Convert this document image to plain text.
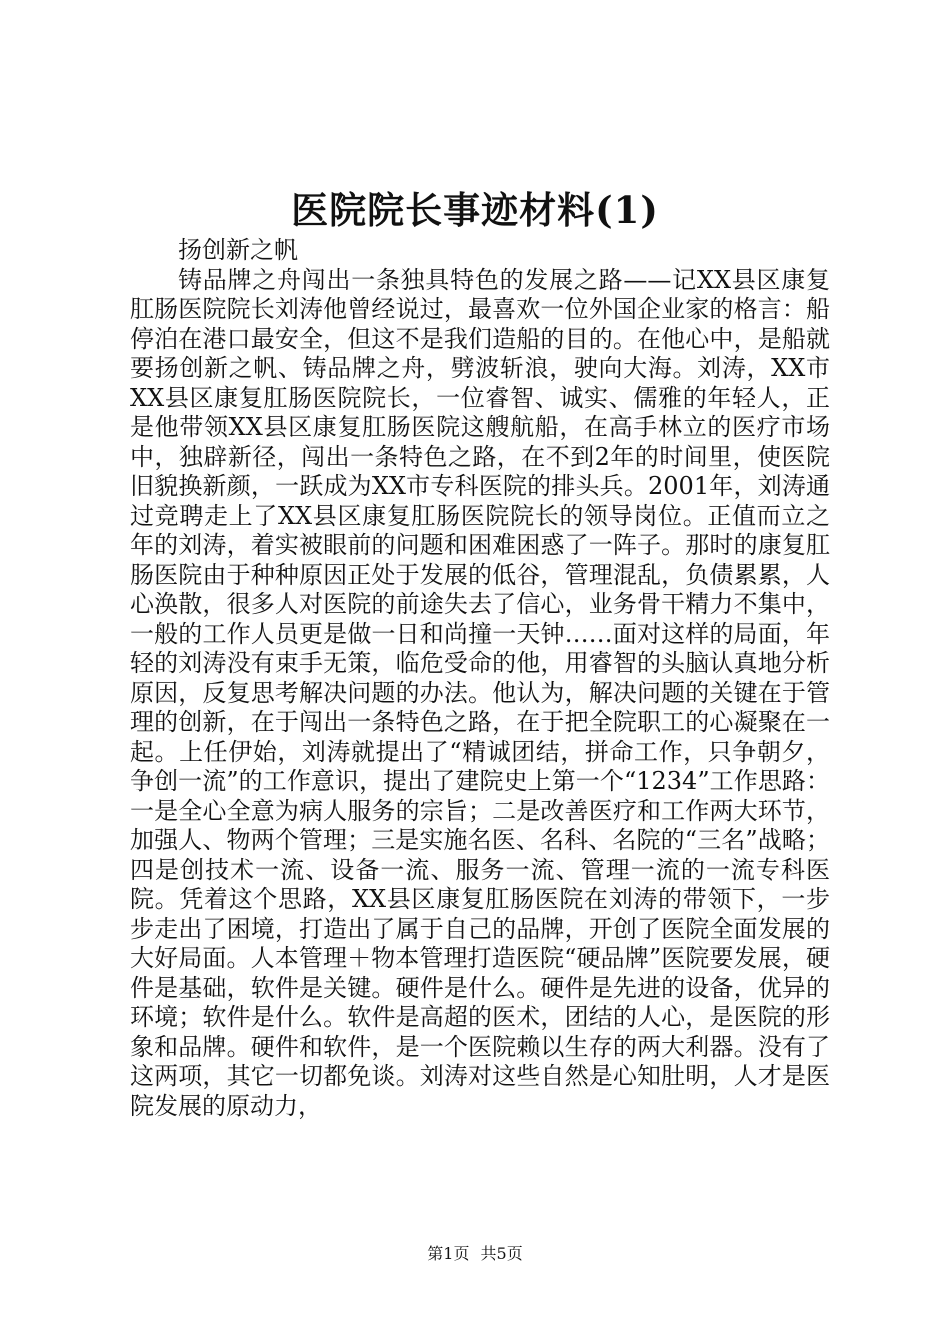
医院院长事迹材料(1)

扬创新之帆

铸品牌之舟闯出一条独具特色的发展之路——记XX县区康复肛肠医院院长刘涛他曾经说过，最喜欢一位外国企业家的格言：船停泊在港口最安全，但这不是我们造船的目的。在他心中，是船就要扬创新之帆、铸品牌之舟，劈波斩浪，驶向大海。刘涛，XX市XX县区康复肛肠医院院长，一位睿智、诚实、儒雅的年轻人，正是他带领XX县区康复肛肠医院这艘航船，在高手林立的医疗市场中，独辟新径，闯出一条特色之路，在不到2年的时间里，使医院旧貌换新颜，一跃成为XX市专科医院的排头兵。2001年，刘涛通过竞聘走上了XX县区康复肛肠医院院长的领导岗位。正值而立之年的刘涛，着实被眼前的问题和困难困惑了一阵子。那时的康复肛肠医院由于种种原因正处于发展的低谷，管理混乱，负债累累，人心涣散，很多人对医院的前途失去了信心，业务骨干精力不集中，一般的工作人员更是做一日和尚撞一天钟……面对这样的局面，年轻的刘涛没有束手无策，临危受命的他，用睿智的头脑认真地分析原因，反复思考解决问题的办法。他认为，解决问题的关键在于管理的创新，在于闯出一条特色之路，在于把全院职工的心凝聚在一起。上任伊始，刘涛就提出了“精诚团结，拼命工作，只争朝夕，争创一流”的工作意识，提出了建院史上第一个“1234”工作思路：一是全心全意为病人服务的宗旨；二是改善医疗和工作两大环节，加强人、物两个管理；三是实施名医、名科、名院的“三名”战略；四是创技术一流、设备一流、服务一流、管理一流的一流专科医院。凭着这个思路，XX县区康复肛肠医院在刘涛的带领下，一步步走出了困境，打造出了属于自己的品牌，开创了医院全面发展的大好局面。人本管理＋物本管理打造医院“硬品牌”医院要发展，硬件是基础，软件是关键。硬件是什么。硬件是先进的设备，优异的环境；软件是什么。软件是高超的医术，团结的人心，是医院的形象和品牌。硬件和软件，是一个医院赖以生存的两大利器。没有了这两项，其它一切都免谈。刘涛对这些自然是心知肚明，人才是医院发展的原动力，

第1页 共5页
